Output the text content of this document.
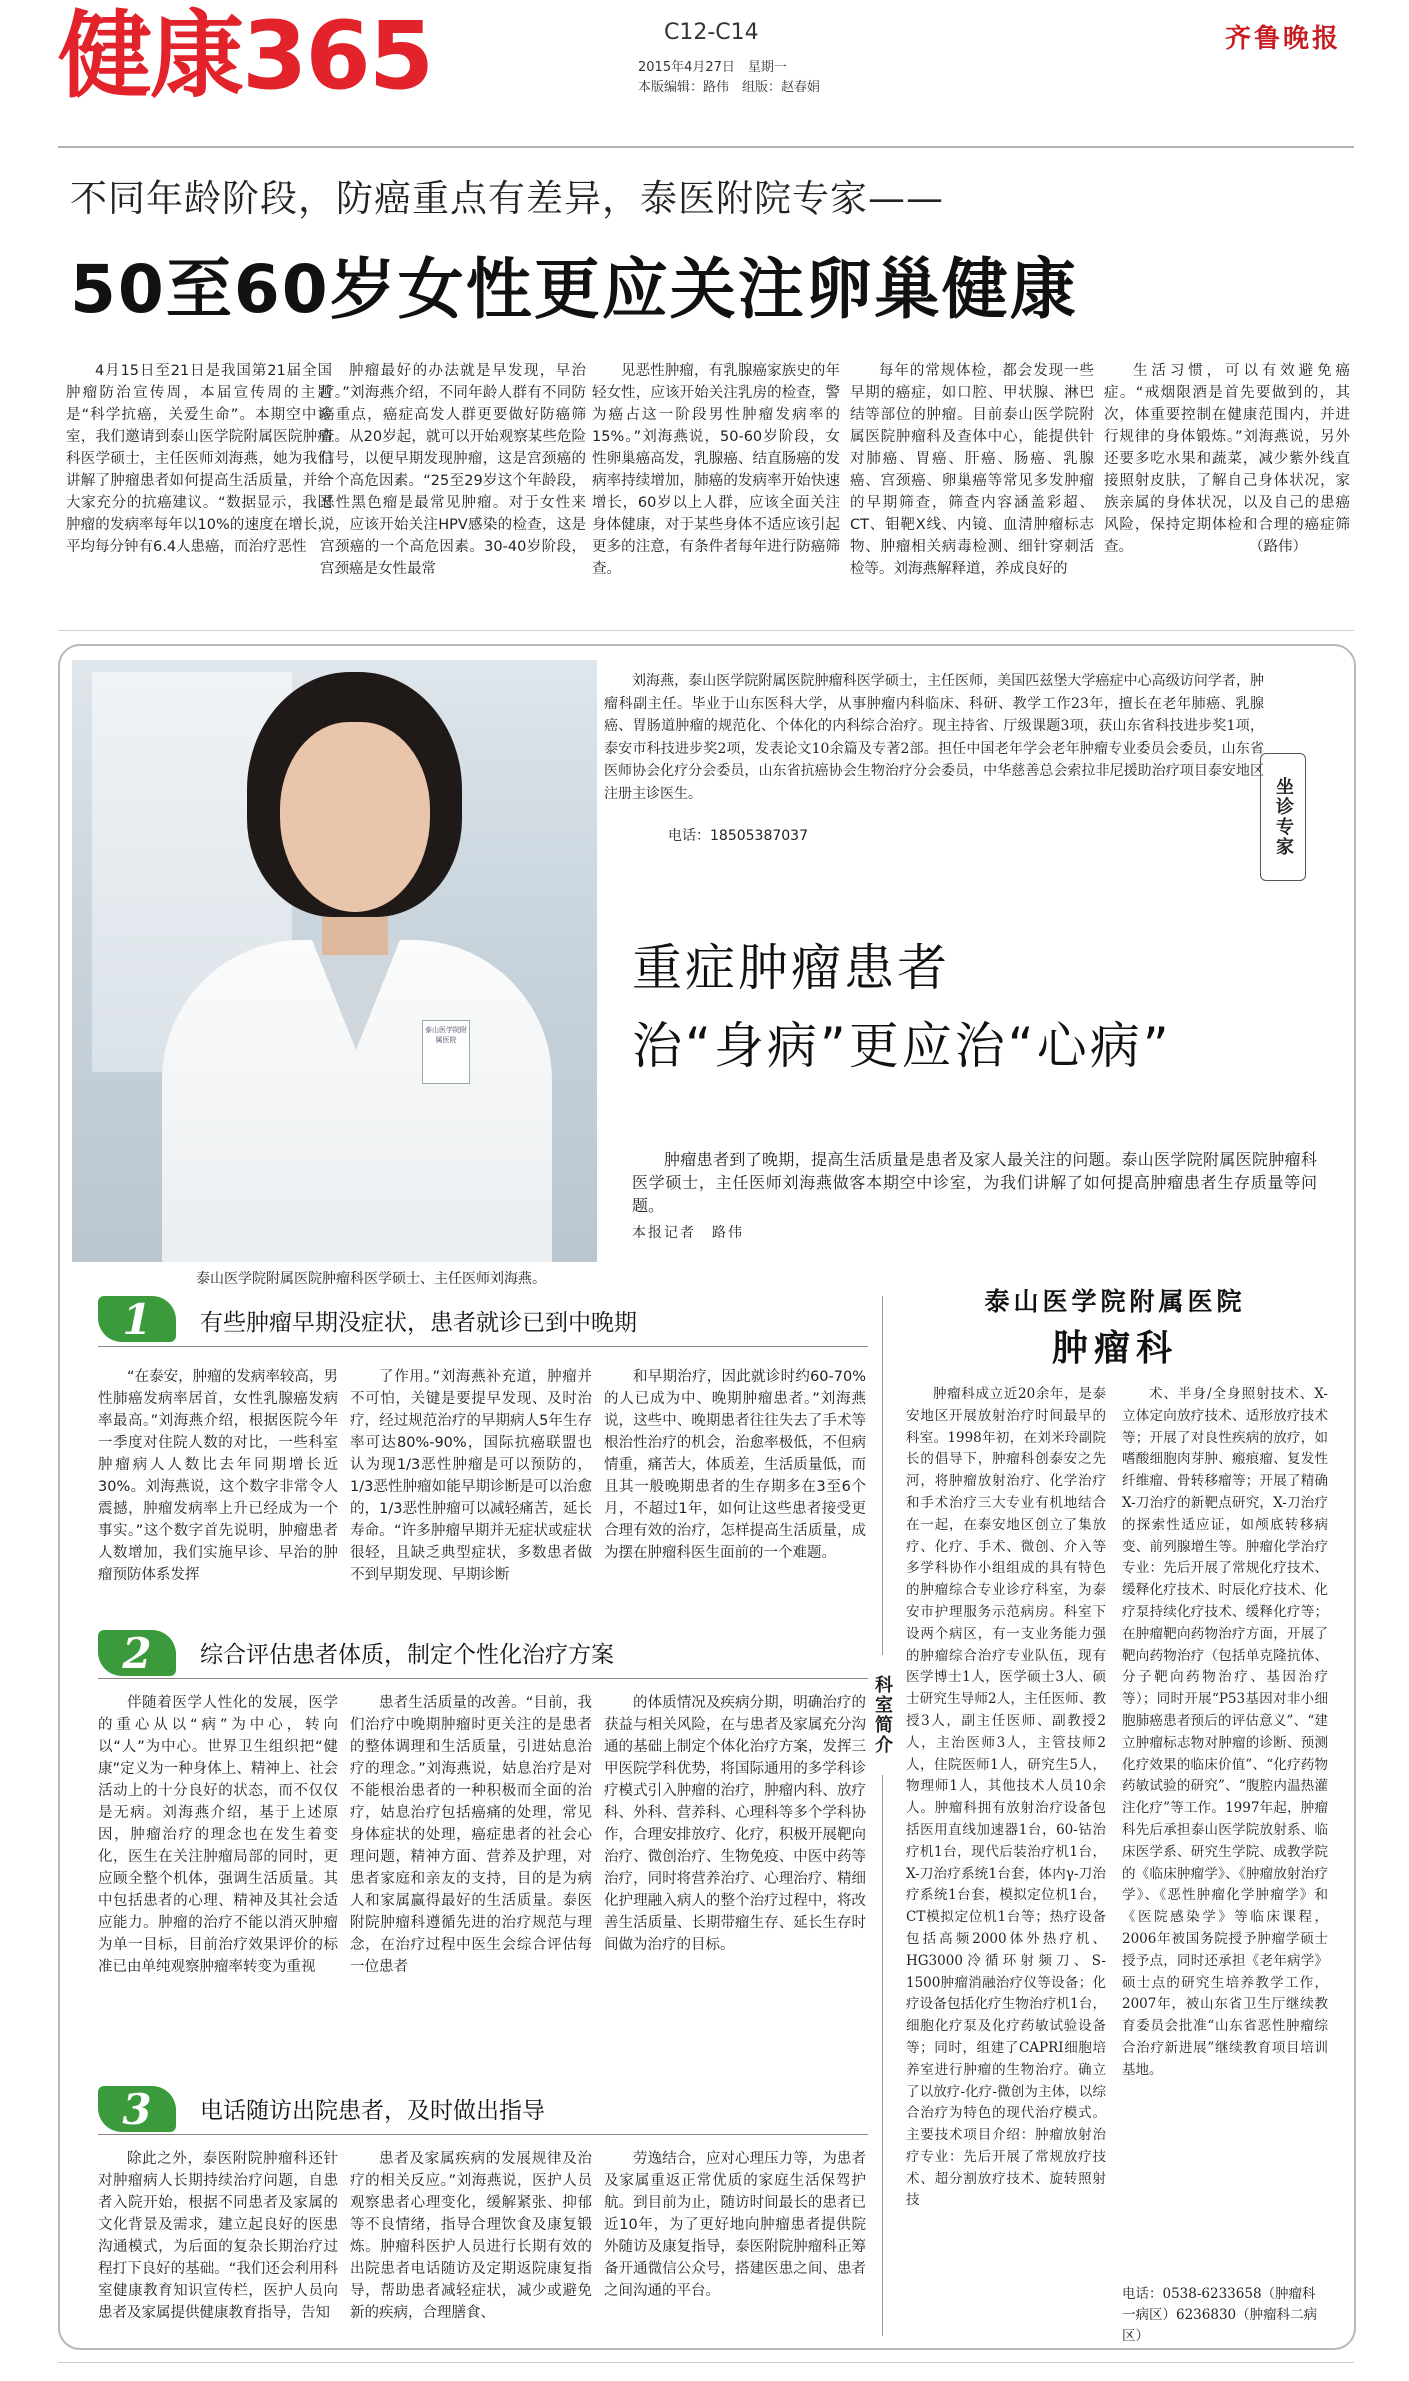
健康365	C12-C14
2015年4月27日　星期一
本版编辑：路伟　组版：赵春娟
齐鲁晚报
不同年龄阶段，防癌重点有差异，泰医附院专家——
50至60岁女性更应关注卵巢健康
4月15日至21日是我国第21届全国肿瘤防治宣传周，本届宣传周的主题是“科学抗癌，关爱生命”。本期空中诊室，我们邀请到泰山医学院附属医院肿瘤科医学硕士，主任医师刘海燕，她为我们讲解了肿瘤患者如何提高生活质量，并给大家充分的抗癌建议。“数据显示，我国肿瘤的发病率每年以10%的速度在增长，平均每分钟有6.4人患癌，而治疗恶性
肿瘤最好的办法就是早发现，早治疗。”刘海燕介绍，不同年龄人群有不同防癌重点，癌症高发人群更要做好防癌筛查。从20岁起，就可以开始观察某些危险信号，以便早期发现肿瘤，这是宫颈癌的一个高危因素。“25至29岁这个年龄段，恶性黑色瘤是最常见肿瘤。对于女性来说，应该开始关注HPV感染的检查，这是宫颈癌的一个高危因素。30-40岁阶段，宫颈癌是女性最常
见恶性肿瘤，有乳腺癌家族史的年轻女性，应该开始关注乳房的检查，警为癌占这一阶段男性肿瘤发病率的15%。”刘海燕说，50-60岁阶段，女性卵巢癌高发，乳腺癌、结直肠癌的发病率持续增加，肺癌的发病率开始快速增长，60岁以上人群，应该全面关注身体健康，对于某些身体不适应该引起更多的注意，有条件者每年进行防癌筛查。
每年的常规体检，都会发现一些早期的癌症，如口腔、甲状腺、淋巴结等部位的肿瘤。目前泰山医学院附属医院肿瘤科及查体中心，能提供针对肺癌、胃癌、肝癌、肠癌、乳腺癌、宫颈癌、卵巢癌等常见多发肿瘤的早期筛查，筛查内容涵盖彩超、CT、钼靶X线、内镜、血清肿瘤标志物、肿瘤相关病毒检测、细针穿刺活检等。刘海燕解释道，养成良好的
生活习惯，可以有效避免癌症。“戒烟限酒是首先要做到的，其次，体重要控制在健康范围内，并进行规律的身体锻炼。”刘海燕说，另外还要多吃水果和蔬菜，减少紫外线直接照射皮肤，了解自己身体状况，家族亲属的身体状况，以及自己的患癌风险，保持定期体检和合理的癌症筛查。　　　　　　　　　（路伟）
泰山医学院附属医院
泰山医学院附属医院肿瘤科医学硕士、主任医师刘海燕。
刘海燕，泰山医学院附属医院肿瘤科医学硕士，主任医师，美国匹兹堡大学癌症中心高级访问学者，肿瘤科副主任。毕业于山东医科大学，从事肿瘤内科临床、科研、教学工作23年，擅长在老年肺癌、乳腺癌、胃肠道肿瘤的规范化、个体化的内科综合治疗。现主持省、厅级课题3项，获山东省科技进步奖1项，泰安市科技进步奖2项，发表论文10余篇及专著2部。担任中国老年学会老年肿瘤专业委员会委员，山东省医师协会化疗分会委员，山东省抗癌协会生物治疗分会委员，中华慈善总会索拉非尼援助治疗项目泰安地区注册主诊医生。
电话：18505387037	坐诊专家
重症肿瘤患者
治“身病”更应治“心病”
肿瘤患者到了晚期，提高生活质量是患者及家人最关注的问题。泰山医学院附属医院肿瘤科医学硕士，主任医师刘海燕做客本期空中诊室，为我们讲解了如何提高肿瘤患者生存质量等问题。
本报记者　路伟
1	有些肿瘤早期没症状，患者就诊已到中晚期
“在泰安，肿瘤的发病率较高，男性肺癌发病率居首，女性乳腺癌发病率最高。”刘海燕介绍，根据医院今年一季度对住院人数的对比，一些科室肿瘤病人人数比去年同期增长近30%。刘海燕说，这个数字非常令人震撼，肿瘤发病率上升已经成为一个事实。”这个数字首先说明，肿瘤患者人数增加，我们实施早诊、早治的肿瘤预防体系发挥
了作用。”刘海燕补充道，肿瘤并不可怕，关键是要提早发现、及时治疗，经过规范治疗的早期病人5年生存率可达80%-90%，国际抗癌联盟也认为现1/3恶性肿瘤是可以预防的，1/3恶性肿瘤如能早期诊断是可以治愈的，1/3恶性肿瘤可以减轻痛苦，延长寿命。“许多肿瘤早期并无症状或症状很轻，且缺乏典型症状，多数患者做不到早期发现、早期诊断
和早期治疗，因此就诊时约60-70%的人已成为中、晚期肿瘤患者。”刘海燕说，这些中、晚期患者往往失去了手术等根治性治疗的机会，治愈率极低，不但病情重，痛苦大，体质差，生活质量低，而且其一般晚期患者的生存期多在3至6个月，不超过1年，如何让这些患者接受更合理有效的治疗，怎样提高生活质量，成为摆在肿瘤科医生面前的一个难题。
2	综合评估患者体质，制定个性化治疗方案
伴随着医学人性化的发展，医学的重心从以“病”为中心，转向以“人”为中心。世界卫生组织把“健康”定义为一种身体上、精神上、社会活动上的十分良好的状态，而不仅仅是无病。刘海燕介绍，基于上述原因，肿瘤治疗的理念也在发生着变化，医生在关注肿瘤局部的同时，更应顾全整个机体，强调生活质量。其中包括患者的心理、精神及其社会适应能力。肿瘤的治疗不能以消灭肿瘤为单一目标，目前治疗效果评价的标准已由单纯观察肿瘤率转变为重视
患者生活质量的改善。“目前，我们治疗中晚期肿瘤时更关注的是患者的整体调理和生活质量，引进姑息治疗的理念。”刘海燕说，姑息治疗是对不能根治患者的一种积极而全面的治疗，姑息治疗包括癌痛的处理，常见身体症状的处理，癌症患者的社会心理问题，精神方面、营养及护理，对患者家庭和亲友的支持，目的是为病人和家属赢得最好的生活质量。泰医附院肿瘤科遵循先进的治疗规范与理念，在治疗过程中医生会综合评估每一位患者
的体质情况及疾病分期，明确治疗的获益与相关风险，在与患者及家属充分沟通的基础上制定个体化治疗方案，发挥三甲医院学科优势，将国际通用的多学科诊疗模式引入肿瘤的治疗，肿瘤内科、放疗科、外科、营养科、心理科等多个学科协作，合理安排放疗、化疗，积极开展靶向治疗、微创治疗、生物免疫、中医中药等治疗，同时将营养治疗、心理治疗、精细化护理融入病人的整个治疗过程中，将改善生活质量、长期带瘤生存、延长生存时间做为治疗的目标。
3	电话随访出院患者，及时做出指导
除此之外，泰医附院肿瘤科还针对肿瘤病人长期持续治疗问题，自患者入院开始，根据不同患者及家属的文化背景及需求，建立起良好的医患沟通模式，为后面的复杂长期治疗过程打下良好的基础。“我们还会利用科室健康教育知识宣传栏，医护人员向患者及家属提供健康教育指导，告知
患者及家属疾病的发展规律及治疗的相关反应。”刘海燕说，医护人员观察患者心理变化，缓解紧张、抑郁等不良情绪，指导合理饮食及康复锻炼。肿瘤科医护人员进行长期有效的出院患者电话随访及定期返院康复指导，帮助患者减轻症状，减少或避免新的疾病，合理膳食、
劳逸结合，应对心理压力等，为患者及家属重返正常优质的家庭生活保驾护航。到目前为止，随访时间最长的患者已近10年，为了更好地向肿瘤患者提供院外随访及康复指导，泰医附院肿瘤科正筹备开通微信公众号，搭建医患之间、患者之间沟通的平台。
泰山医学院附属医院
肿瘤科
科室简介
肿瘤科成立近20余年，是泰安地区开展放射治疗时间最早的科室。1998年初，在刘米玲副院长的倡导下，肿瘤科创泰安之先河，将肿瘤放射治疗、化学治疗和手术治疗三大专业有机地结合在一起，在泰安地区创立了集放疗、化疗、手术、微创、介入等多学科协作小组组成的具有特色的肿瘤综合专业诊疗科室，为泰安市护理服务示范病房。科室下设两个病区，有一支业务能力强的肿瘤综合治疗专业队伍，现有医学博士1人，医学硕士3人、硕士研究生导师2人，主任医师、教授3人，副主任医师、副教授2人，主治医师3人，主管技师2人，住院医师1人，研究生5人，物理师1人，其他技术人员10余人。肿瘤科拥有放射治疗设备包括医用直线加速器1台，60-钴治疗机1台，现代后装治疗机1台，X-刀治疗系统1台套，体内γ-刀治疗系统1台套，模拟定位机1台，CT模拟定位机1台等；热疗设备包括高频2000体外热疗机、HG3000冷循环射频刀、S-1500肿瘤消融治疗仪等设备；化疗设备包括化疗生物治疗机1台，细胞化疗泵及化疗药敏试验设备等；同时，组建了CAPRI细胞培养室进行肿瘤的生物治疗。确立了以放疗-化疗-微创为主体，以综合治疗为特色的现代治疗模式。主要技术项目介绍：肿瘤放射治疗专业：先后开展了常规放疗技术、超分割放疗技术、旋转照射技
术、半身/全身照射技术、X-立体定向放疗技术、适形放疗技术等；开展了对良性疾病的放疗，如嗜酸细胞肉芽肿、瘢痕瘤、复发性纤维瘤、骨转移瘤等；开展了精确X-刀治疗的新靶点研究，X-刀治疗的探索性适应证，如颅底转移病变、前列腺增生等。肿瘤化学治疗专业：先后开展了常规化疗技术、缓释化疗技术、时辰化疗技术、化疗泵持续化疗技术、缓释化疗等；在肿瘤靶向药物治疗方面，开展了靶向药物治疗（包括单克隆抗体、分子靶向药物治疗、基因治疗等）；同时开展“P53基因对非小细胞肺癌患者预后的评估意义”、“建立肿瘤标志物对肿瘤的诊断、预测化疗效果的临床价值”、“化疗药物药敏试验的研究”、“腹腔内温热灌注化疗”等工作。1997年起，肿瘤科先后承担泰山医学院放射系、临床医学系、研究生学院、成教学院的《临床肿瘤学》、《肿瘤放射治疗学》、《恶性肿瘤化学肿瘤学》和《医院感染学》等临床课程，2006年被国务院授予肿瘤学硕士授予点，同时还承担《老年病学》硕士点的研究生培养教学工作，2007年，被山东省卫生厅继续教育委员会批准“山东省恶性肿瘤综合治疗新进展”继续教育项目培训基地。
电话：0538-6233658（肿瘤科一病区）6236830（肿瘤科二病区）
